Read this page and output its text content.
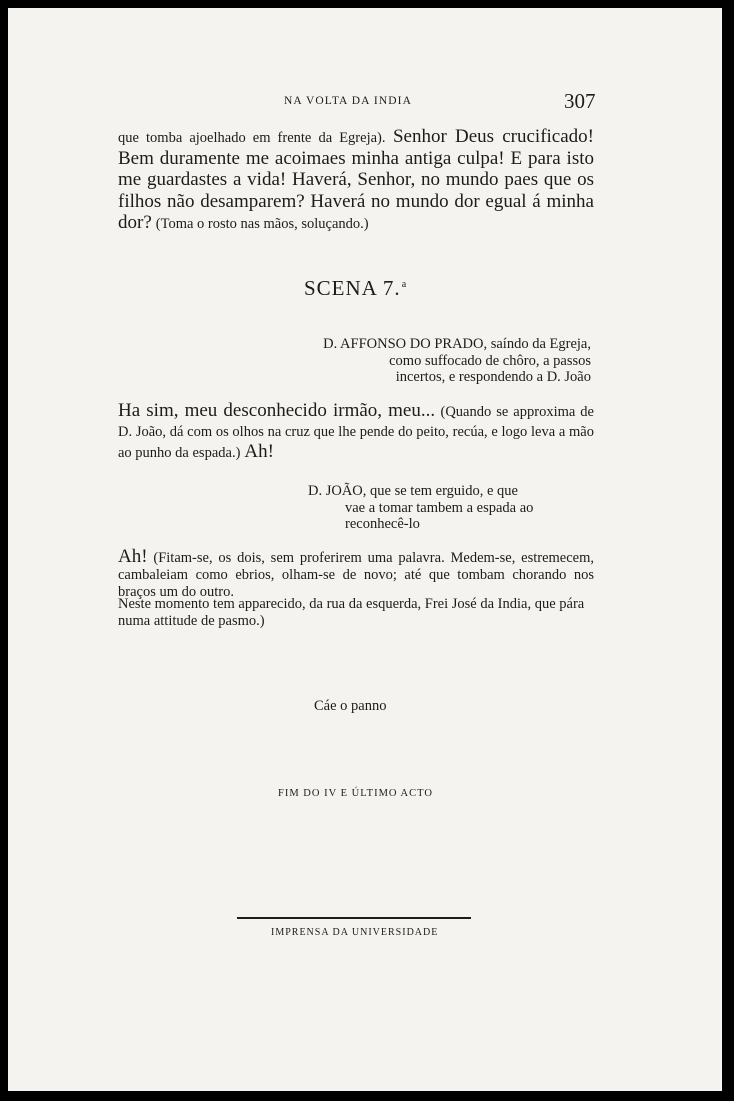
NA VOLTA DA INDIA	307

que tomba ajoelhado em frente da Egreja). Senhor Deus crucificado! Bem duramente me acoimaes minha antiga culpa! E para isto me guardastes a vida! Haverá, Senhor, no mundo paes que os filhos não desamparem? Haverá no mundo dor egual á minha dor? (Toma o rosto nas mãos, soluçando.)

SCENA 7.$^a$
D. AFFONSO DO PRADO, saíndo da Egreja,
como suffocado de chôro, a passos
incertos, e respondendo a D. João

Ha sim, meu desconhecido irmão, meu... (Quando se approxima de D. João, dá com os olhos na cruz que lhe pende do peito, recúa, e logo leva a mão ao punho da espada.) Ah!

D. JOÃO, que se tem erguido, e que
vae a tomar tambem a espada ao
reconhecê-lo

Ah! (Fitam-se, os dois, sem proferirem uma palavra. Medem-se, estremecem, cambaleiam como ebrios, olham-se de novo; até que tombam chorando nos braços um do outro.

Neste momento tem apparecido, da rua da esquerda, Frei José da India, que pára numa attitude de pasmo.)

Cáe o panno
FIM DO IV E ÚLTIMO ACTO
IMPRENSA DA UNIVERSIDADE
